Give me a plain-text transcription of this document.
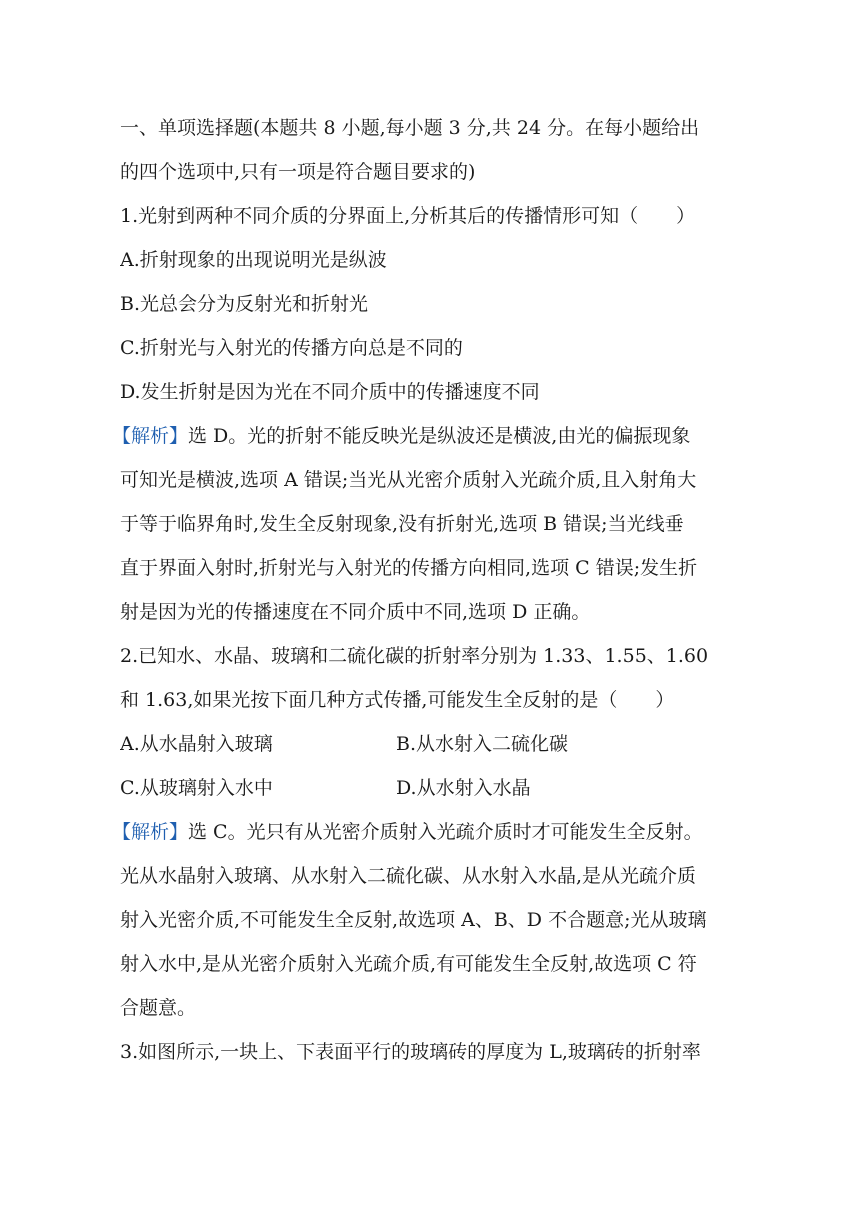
一、单项选择题(本题共 8 小题,每小题 3 分,共 24 分。在每小题给出
的四个选项中,只有一项是符合题目要求的)
1.光射到两种不同介质的分界面上,分析其后的传播情形可知（　　）
A.折射现象的出现说明光是纵波
B.光总会分为反射光和折射光
C.折射光与入射光的传播方向总是不同的
D.发生折射是因为光在不同介质中的传播速度不同
【解析】选 D。光的折射不能反映光是纵波还是横波,由光的偏振现象
可知光是横波,选项 A 错误;当光从光密介质射入光疏介质,且入射角大
于等于临界角时,发生全反射现象,没有折射光,选项 B 错误;当光线垂
直于界面入射时,折射光与入射光的传播方向相同,选项 C 错误;发生折
射是因为光的传播速度在不同介质中不同,选项 D 正确。
2.已知水、水晶、玻璃和二硫化碳的折射率分别为 1.33、1.55、1.60
和 1.63,如果光按下面几种方式传播,可能发生全反射的是（　　）
A.从水晶射入玻璃	B.从水射入二硫化碳
C.从玻璃射入水中	D.从水射入水晶
【解析】选 C。光只有从光密介质射入光疏介质时才可能发生全反射。
光从水晶射入玻璃、从水射入二硫化碳、从水射入水晶,是从光疏介质
射入光密介质,不可能发生全反射,故选项 A、B、D 不合题意;光从玻璃
射入水中,是从光密介质射入光疏介质,有可能发生全反射,故选项 C 符
合题意。
3.如图所示,一块上、下表面平行的玻璃砖的厚度为 L,玻璃砖的折射率
